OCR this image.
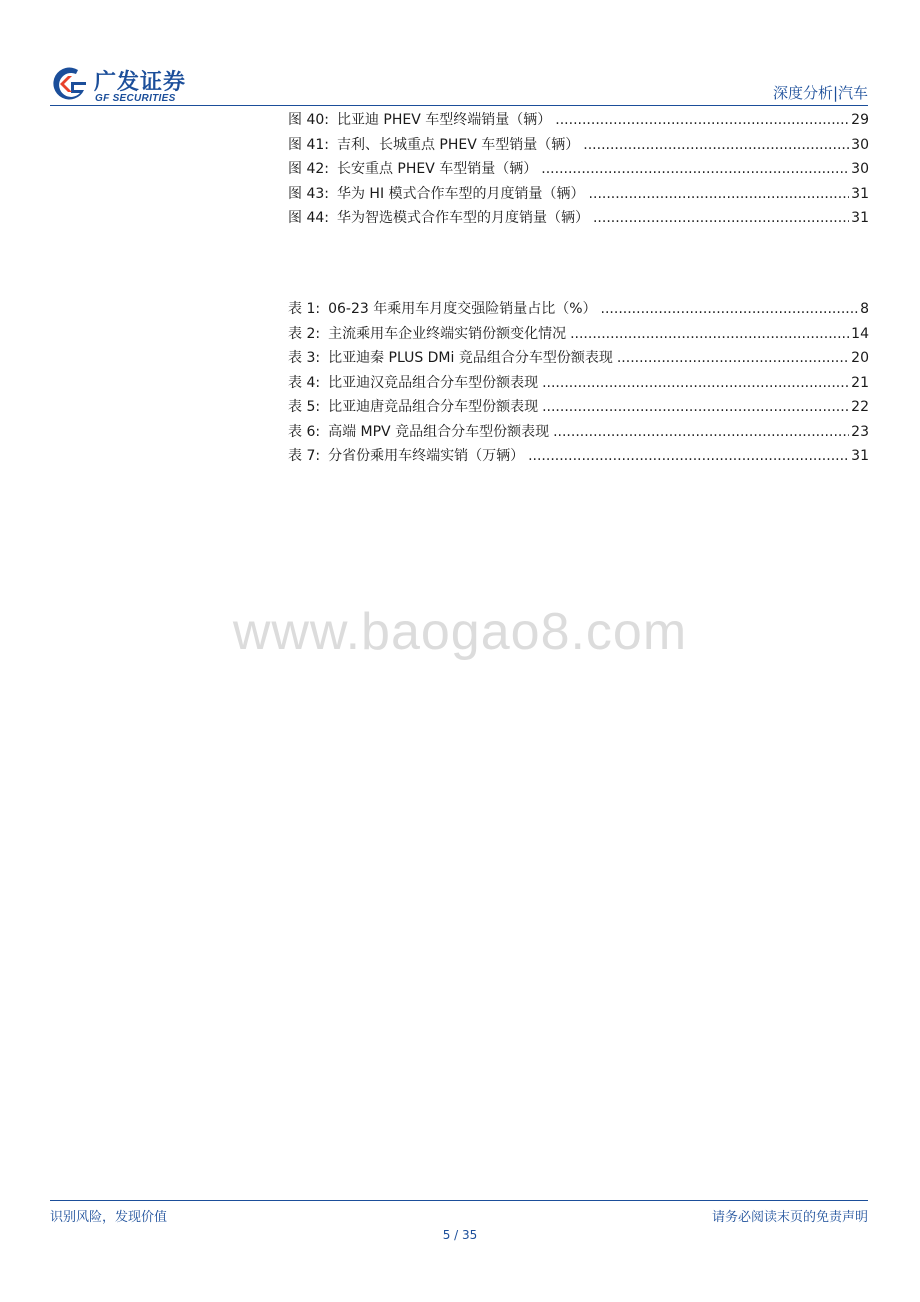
广发证券
GF SECURITIES	深度分析|汽车
图 40: 比亚迪 PHEV 车型终端销量（辆） .....	29
图 41: 吉利、长城重点 PHEV 车型销量（辆） .....	30
图 42: 长安重点 PHEV 车型销量（辆） .....	30
图 43: 华为 HI 模式合作车型的月度销量（辆） .....	31
图 44: 华为智选模式合作车型的月度销量（辆） .....	31
表 1: 06-23 年乘用车月度交强险销量占比（%） .....	8
表 2: 主流乘用车企业终端实销份额变化情况 .....	14
表 3: 比亚迪秦 PLUS DMi 竞品组合分车型份额表现 .....	20
表 4: 比亚迪汉竞品组合分车型份额表现 .....	21
表 5: 比亚迪唐竞品组合分车型份额表现 .....	22
表 6: 高端 MPV 竞品组合分车型份额表现 .....	23
表 7: 分省份乘用车终端实销（万辆） .....	31
www.baogao8.com
识别风险，发现价值	请务必阅读末页的免责声明
5 / 35
